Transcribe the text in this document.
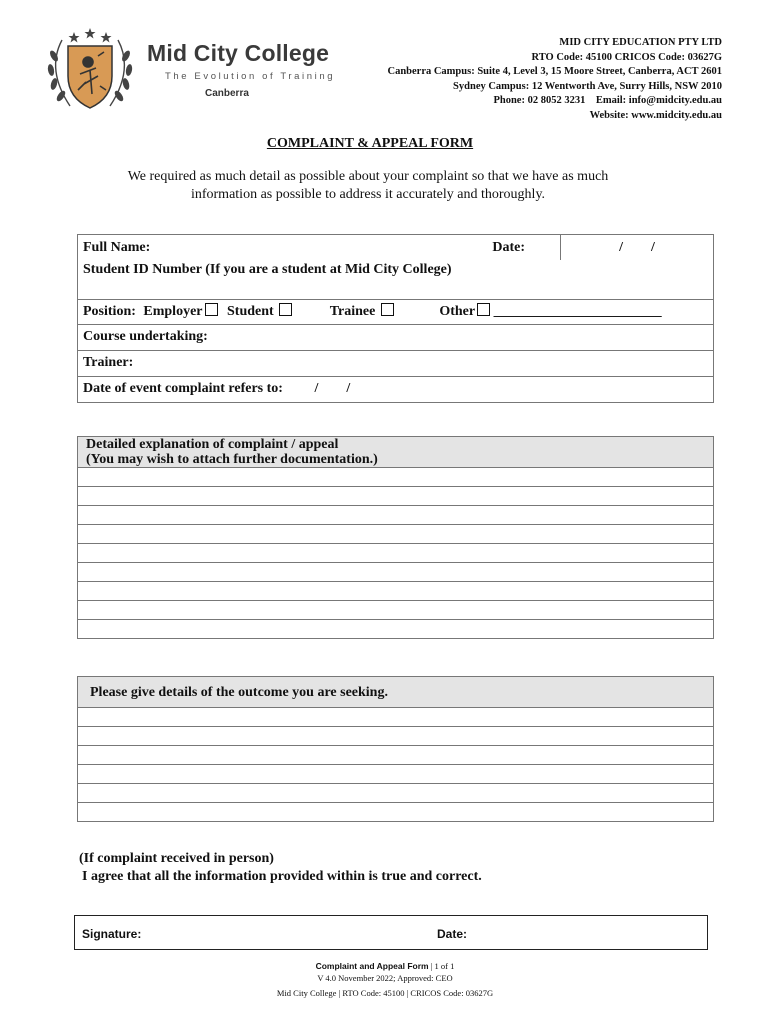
Mid City College
The Evolution of Training
Canberra
MID CITY EDUCATION PTY LTD
RTO Code: 45100 CRICOS Code: 03627G
Canberra Campus: Suite 4, Level 3, 15 Moore Street, Canberra, ACT 2601
Sydney Campus: 12 Wentworth Ave, Surry Hills, NSW 2010
Phone: 02 8052 3231    Email: info@midcity.edu.au
Website: www.midcity.edu.au
COMPLAINT & APPEAL FORM
We required as much detail as possible about your complaint so that we have as much
information as possible to address it accurately and thoroughly.
Full Name:	Date:	/        /
Student ID Number (If you are a student at Mid City College)
Position: Employer Student	Trainee	Other ________________________
Course undertaking:
Trainer:
Date of event complaint refers to: /        /
Detailed explanation of complaint / appeal
(You may wish to attach further documentation.)

Please give details of the outcome you are seeking.

(If complaint received in person)
I agree that all the information provided within is true and correct.
Signature:	Date:
Complaint and Appeal Form | 1 of 1
V 4.0 November 2022; Approved: CEO
Mid City College | RTO Code: 45100 | CRICOS Code: 03627G
